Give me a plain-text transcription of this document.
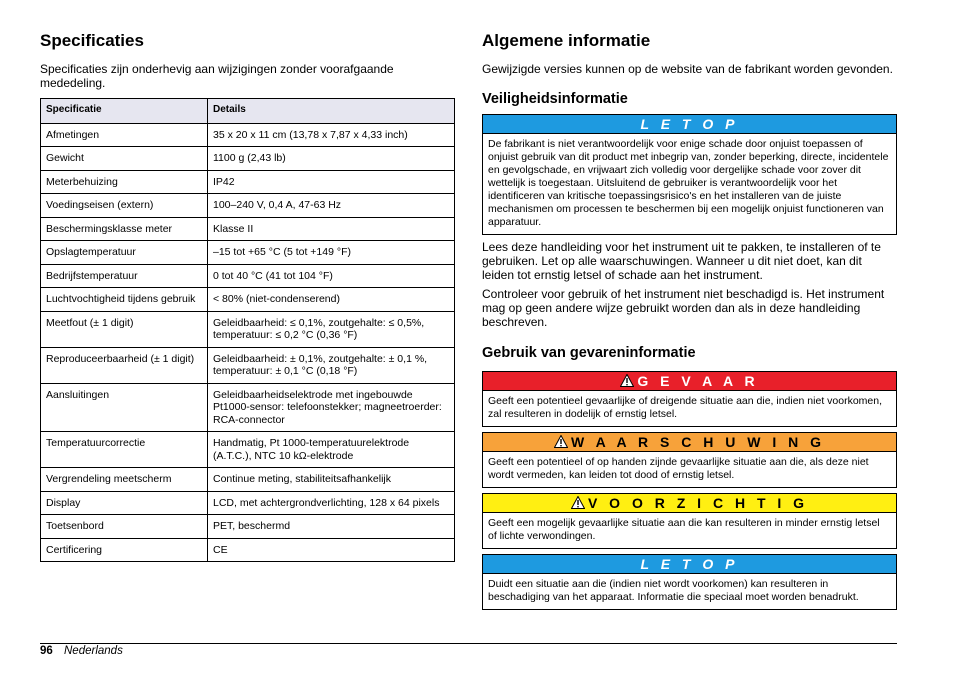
Specificaties

Specificaties zijn onderhevig aan wijzigingen zonder voorafgaande mededeling.

Specificatie	Details
Afmetingen	35 x 20 x 11 cm (13,78 x 7,87 x 4,33 inch)
Gewicht	1100 g (2,43 lb)
Meterbehuizing	IP42
Voedingseisen (extern)	100–240 V, 0,4 A, 47-63 Hz
Beschermingsklasse meter	Klasse II
Opslagtemperatuur	–15 tot +65 °C (5 tot +149 °F)
Bedrijfstemperatuur	0 tot 40 °C (41 tot 104 °F)
Luchtvochtigheid tijdens gebruik	< 80% (niet-condenserend)
Meetfout (± 1 digit)	Geleidbaarheid: ≤ 0,1%, zoutgehalte: ≤ 0,5%, temperatuur: ≤ 0,2 °C (0,36 °F)
Reproduceerbaarheid (± 1 digit)	Geleidbaarheid: ± 0,1%, zoutgehalte: ± 0,1 %, temperatuur: ± 0,1 °C (0,18 °F)
Aansluitingen	Geleidbaarheidselektrode met ingebouwde Pt1000-sensor: telefoonstekker; magneetroerder: RCA-connector
Temperatuurcorrectie	Handmatig, Pt 1000-temperatuurelektrode (A.T.C.), NTC 10 kΩ-elektrode
Vergrendeling meetscherm	Continue meting, stabiliteitsafhankelijk
Display	LCD, met achtergrondverlichting, 128 x 64 pixels
Toetsenbord	PET, beschermd
Certificering	CE
Algemene informatie

Gewijzigde versies kunnen op de website van de fabrikant worden gevonden.

Veiligheidsinformatie
L E T O P
De fabrikant is niet verantwoordelijk voor enige schade door onjuist toepassen of onjuist gebruik van dit product met inbegrip van, zonder beperking, directe, incidentele en gevolgschade, en vrijwaart zich volledig voor dergelijke schade voor zover dit wettelijk is toegestaan. Uitsluitend de gebruiker is verantwoordelijk voor het identificeren van kritische toepassingsrisico's en het installeren van de juiste mechanismen om processen te beschermen bij een mogelijk onjuist functioneren van apparatuur.

Lees deze handleiding voor het instrument uit te pakken, te installeren of te gebruiken. Let op alle waarschuwingen. Wanneer u dit niet doet, kan dit leiden tot ernstig letsel of schade aan het instrument.

Controleer voor gebruik of het instrument niet beschadigd is. Het instrument mag op geen andere wijze gebruikt worden dan als in deze handleiding beschreven.

Gebruik van gevareninformatie
G E V A A R
Geeft een potentieel gevaarlijke of dreigende situatie aan die, indien niet voorkomen, zal resulteren in dodelijk of ernstig letsel.
W A A R S C H U W I N G
Geeft een potentieel of op handen zijnde gevaarlijke situatie aan die, als deze niet wordt vermeden, kan leiden tot dood of ernstig letsel.
V O O R Z I C H T I G
Geeft een mogelijk gevaarlijke situatie aan die kan resulteren in minder ernstig letsel of lichte verwondingen.
L E T O P
Duidt een situatie aan die (indien niet wordt voorkomen) kan resulteren in beschadiging van het apparaat. Informatie die speciaal moet worden benadrukt.
96 Nederlands
